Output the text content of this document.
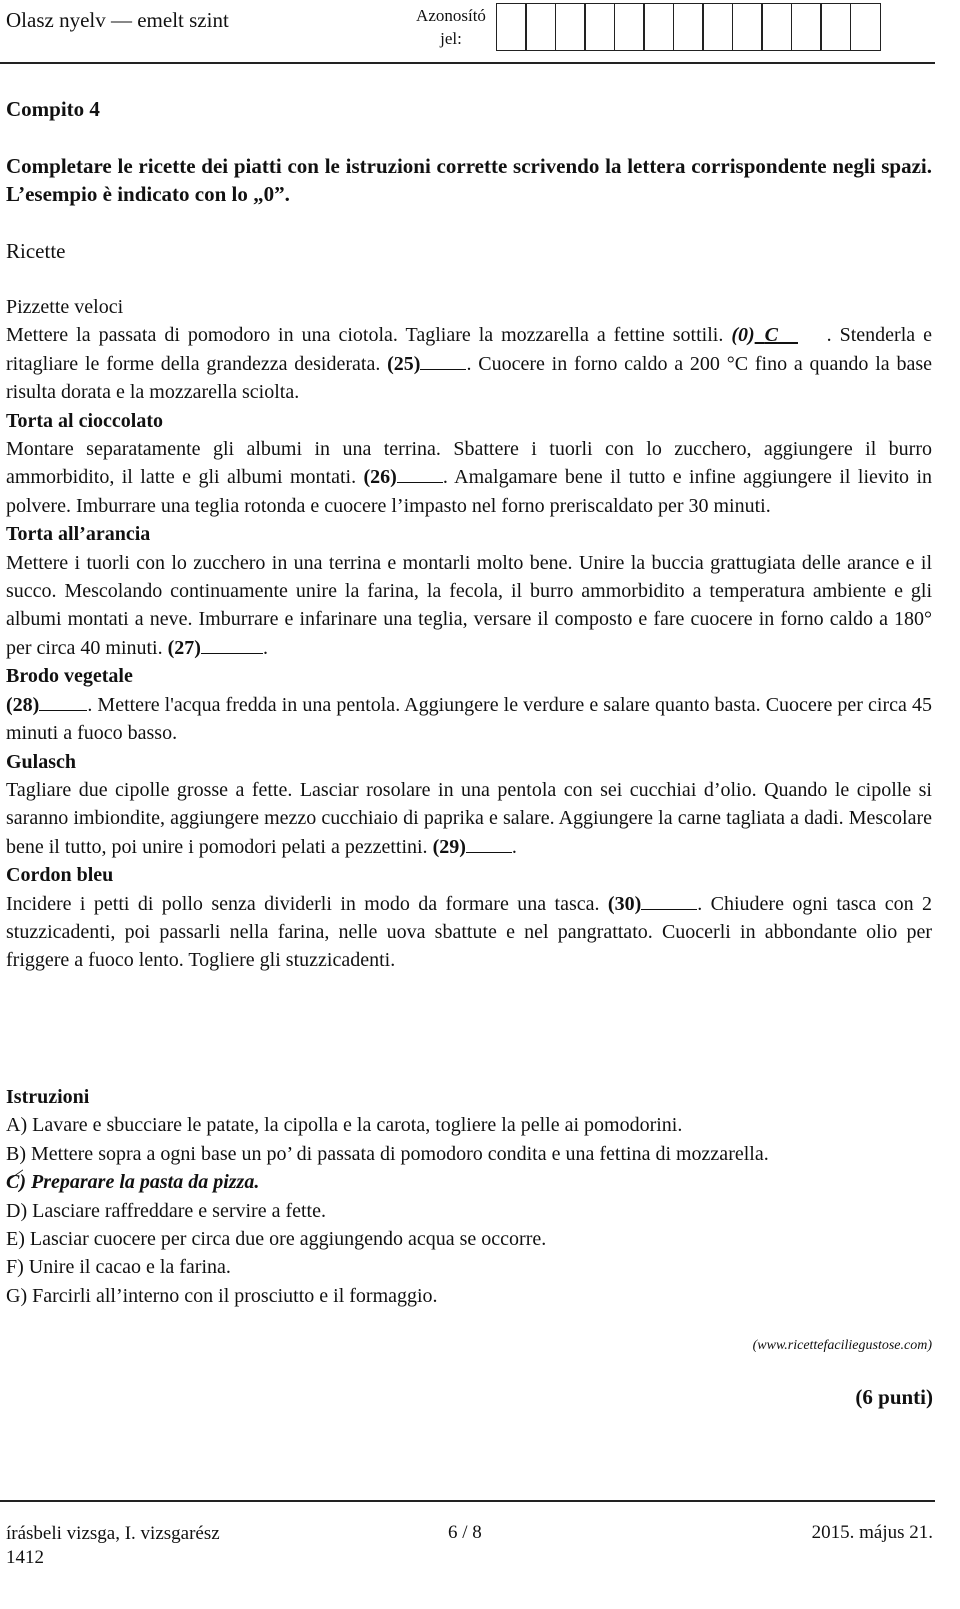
Olasz nyelv — emelt szint	Azonosító
jel:
Compito 4
Completare le ricette dei piatti con le istruzioni corrette scrivendo la lettera corrispondente negli spazi. L’esempio è indicato con lo „0”.
Ricette

Pizzette veloci

Mettere la passata di pomodoro in una ciotola. Tagliare la mozzarella a fettine sottili. (0) C . Stenderla e ritagliare le forme della grandezza desiderata. (25) . Cuocere in forno caldo a 200 °C fino a quando la base risulta dorata e la mozzarella sciolta.

Torta al cioccolato

Montare separatamente gli albumi in una terrina. Sbattere i tuorli con lo zucchero, aggiungere il burro ammorbidito, il latte e gli albumi montati. (26) . Amalgamare bene il tutto e infine aggiungere il lievito in polvere. Imburrare una teglia rotonda e cuocere l’impasto nel forno preriscaldato per 30 minuti.

Torta all’arancia

Mettere i tuorli con lo zucchero in una terrina e montarli molto bene. Unire la buccia grattugiata delle arance e il succo. Mescolando continuamente unire la farina, la fecola, il burro ammorbidito a temperatura ambiente e gli albumi montati a neve. Imburrare e infarinare una teglia, versare il composto e fare cuocere in forno caldo a 180° per circa 40 minuti. (27)	.

Brodo vegetale

(28) . Mettere l'acqua fredda in una pentola. Aggiungere le verdure e salare quanto basta. Cuocere per circa 45 minuti a fuoco basso.

Gulasch

Tagliare due cipolle grosse a fette. Lasciar rosolare in una pentola con sei cucchiai d’olio. Quando le cipolle si saranno imbiondite, aggiungere mezzo cucchiaio di paprika e salare. Aggiungere la carne tagliata a dadi. Mescolare bene il tutto, poi unire i pomodori pelati a pezzettini. (29) .

Cordon bleu

Incidere i petti di pollo senza dividerli in modo da formare una tasca. (30)	. Chiudere ogni tasca con 2 stuzzicadenti, poi passarli nella farina, nelle uova sbattute e nel pangrattato. Cuocerli in abbondante olio per friggere a fuoco lento. Togliere gli stuzzicadenti.

Istruzioni

A) Lavare e sbucciare le patate, la cipolla e la carota, togliere la pelle ai pomodorini.

B) Mettere sopra a ogni base un po’ di passata di pomodoro condita e una fettina di mozzarella.

C) Preparare la pasta da pizza.

D) Lasciare raffreddare e servire a fette.

E) Lasciar cuocere per circa due ore aggiungendo acqua se occorre.

F) Unire il cacao e la farina.

G) Farcirli all’interno con il prosciutto e il formaggio.

(www.ricettefaciliegustose.com)
(6 punti)
írásbeli vizsga, I. vizsgarész
1412
6 / 8	2015. május 21.
